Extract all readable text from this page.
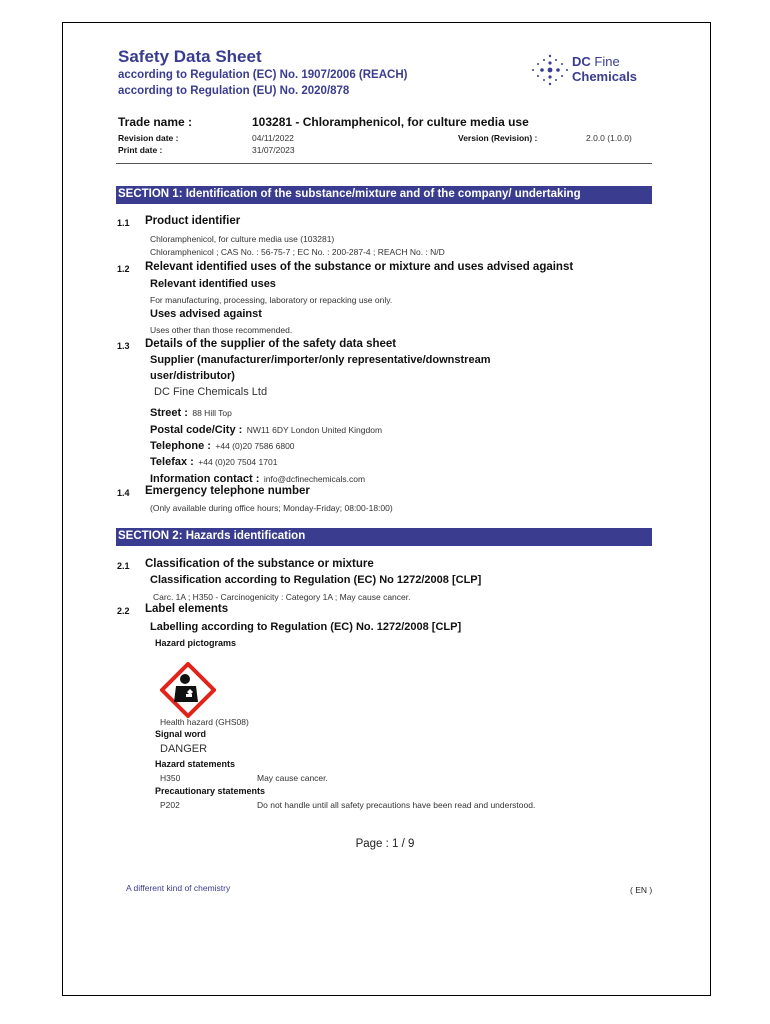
Safety Data Sheet
according to Regulation (EC) No. 1907/2006 (REACH)
according to Regulation (EU) No. 2020/878
DC Fine
Chemicals
Trade name :	103281 - Chloramphenicol, for culture media use
Revision date :	04/11/2022
Print date :	31/07/2023
Version (Revision) :	2.0.0 (1.0.0)
SECTION 1: Identification of the substance/mixture and of the company/ undertaking
1.1 Product identifier
Chloramphenicol, for culture media use (103281)
Chloramphenicol ; CAS No. : 56-75-7 ; EC No. : 200-287-4 ; REACH No. : N/D
1.2 Relevant identified uses of the substance or mixture and uses advised against
Relevant identified uses
For manufacturing, processing, laboratory or repacking use only.
Uses advised against
Uses other than those recommended.
1.3 Details of the supplier of the safety data sheet
Supplier (manufacturer/importer/only representative/downstream
user/distributor)
DC Fine Chemicals Ltd
Street : 88 Hill Top
Postal code/City : NW11 6DY London United Kingdom
Telephone : +44 (0)20 7586 6800
Telefax : +44 (0)20 7504 1701
Information contact : info@dcfinechemicals.com
1.4 Emergency telephone number
(Only available during office hours; Monday-Friday; 08:00-18:00)
SECTION 2: Hazards identification
2.1 Classification of the substance or mixture
Classification according to Regulation (EC) No 1272/2008 [CLP]
Carc. 1A ; H350 - Carcinogenicity : Category 1A ; May cause cancer.
2.2 Label elements
Labelling according to Regulation (EC) No. 1272/2008 [CLP]
Hazard pictograms
Health hazard (GHS08)
Signal word
DANGER
Hazard statements
H350	May cause cancer.
Precautionary statements
P202	Do not handle until all safety precautions have been read and understood.
Page : 1 / 9
A different kind of chemistry	( EN )
